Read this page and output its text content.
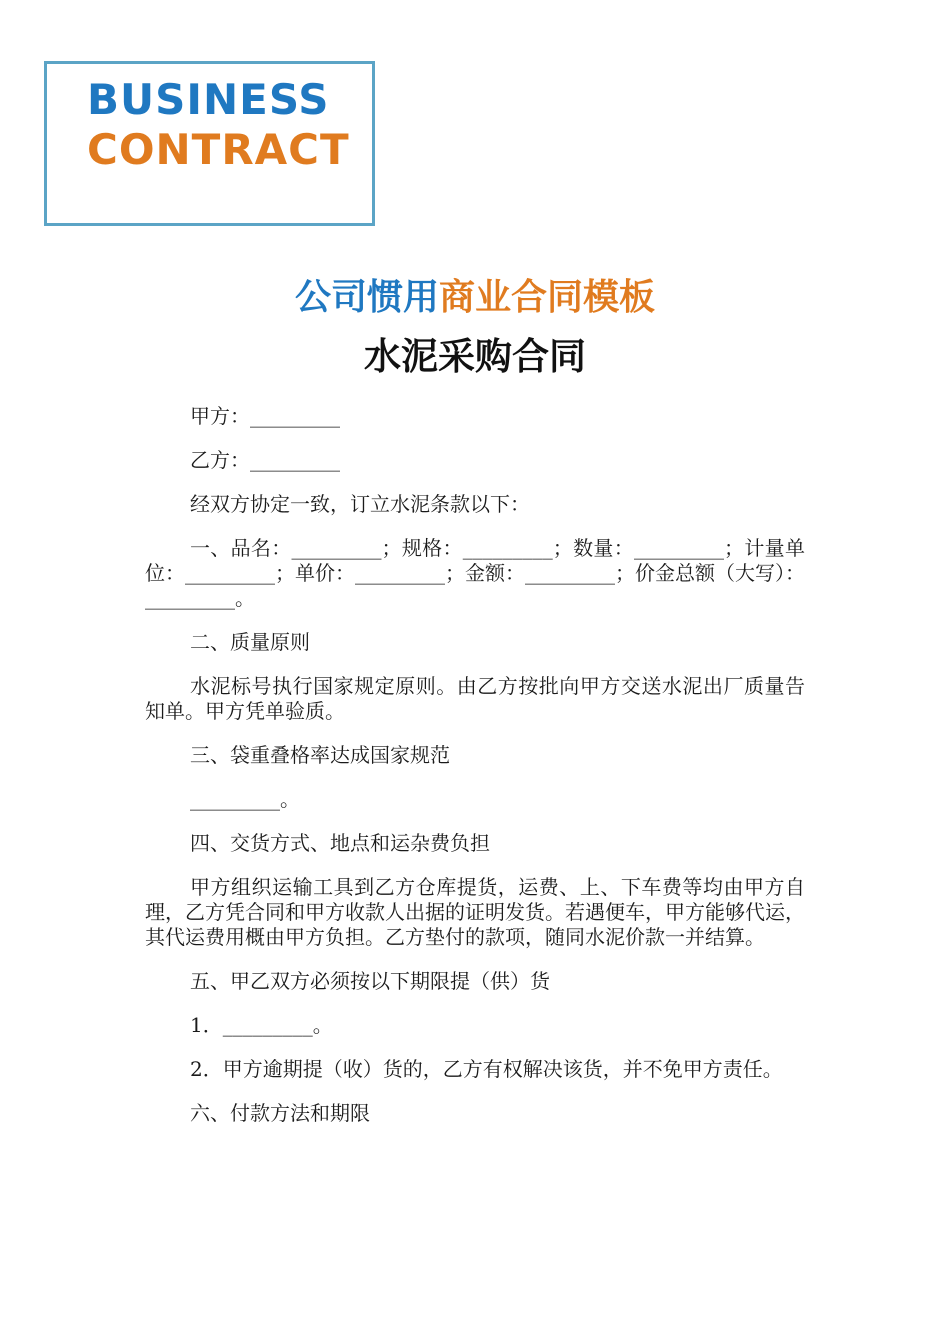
BUSINESS
CONTRACT
公司惯用商业合同模板
水泥采购合同

甲方：_________

乙方：_________

经双方协定一致，订立水泥条款以下：

一、品名：_________；规格：_________；数量：_________；计量单位：_________；单价：_________；金额：_________；价金总额（大写）：_________。

二、质量原则

水泥标号执行国家规定原则。由乙方按批向甲方交送水泥出厂质量告知单。甲方凭单验质。

三、袋重叠格率达成国家规范

_________。

四、交货方式、地点和运杂费负担

甲方组织运输工具到乙方仓库提货，运费、上、下车费等均由甲方自理，乙方凭合同和甲方收款人出据的证明发货。若遇便车，甲方能够代运，其代运费用概由甲方负担。乙方垫付的款项，随同水泥价款一并结算。

五、甲乙双方必须按以下期限提（供）货

1．_________。

2．甲方逾期提（收）货的，乙方有权解决该货，并不免甲方责任。

六、付款方法和期限
